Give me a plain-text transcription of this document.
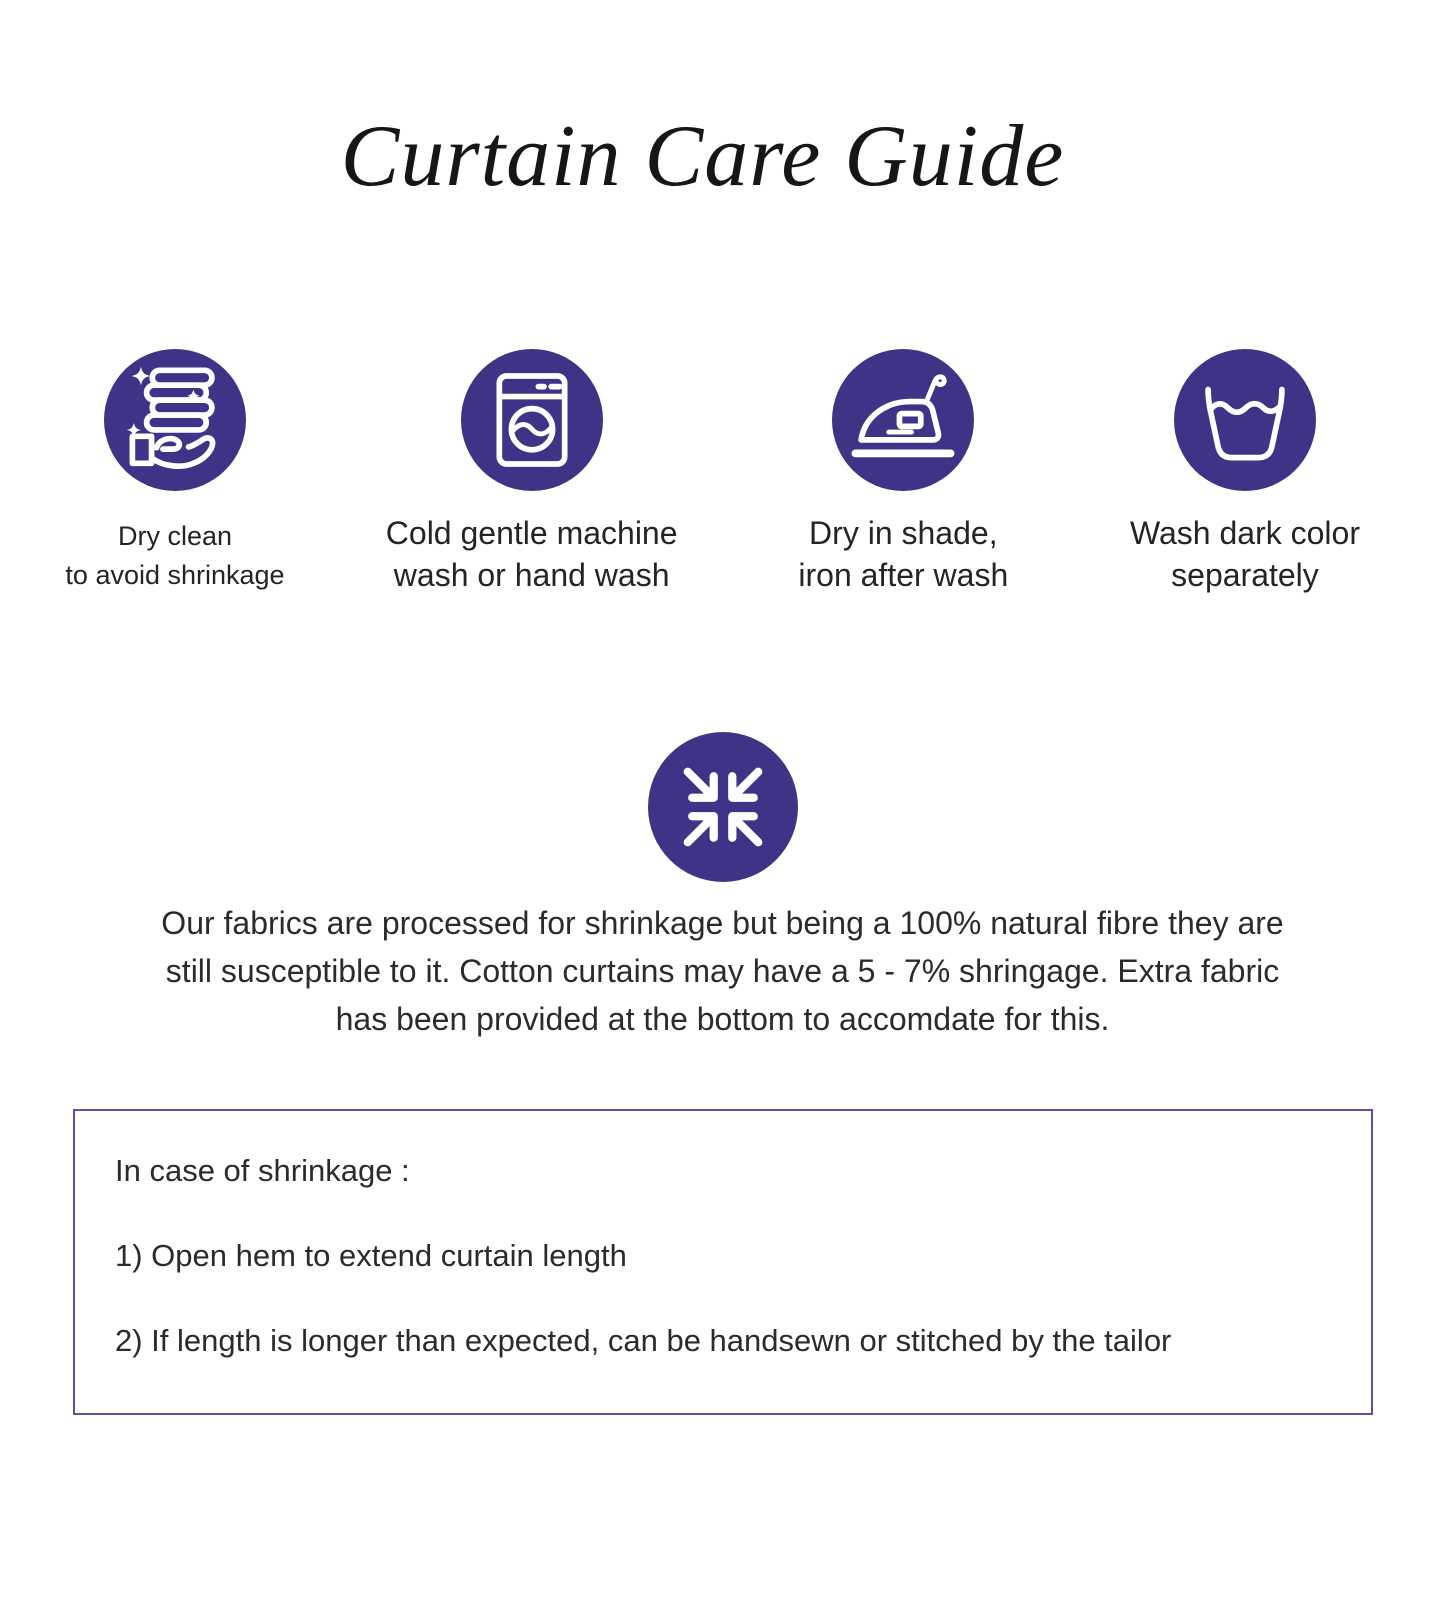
Curtain Care Guide
Dry clean
to avoid shrinkage
Cold gentle machine
wash or hand wash
Dry in shade,
iron after wash
Wash dark color
separately
Our fabrics are processed for shrinkage but being a 100% natural fibre they are
still susceptible to it. Cotton curtains may have a 5 - 7% shringage. Extra fabric
has been provided at the bottom to accomdate for this.
In case of shrinkage :
1) Open hem to extend curtain length
2) If length is longer than expected, can be handsewn or stitched by the tailor
